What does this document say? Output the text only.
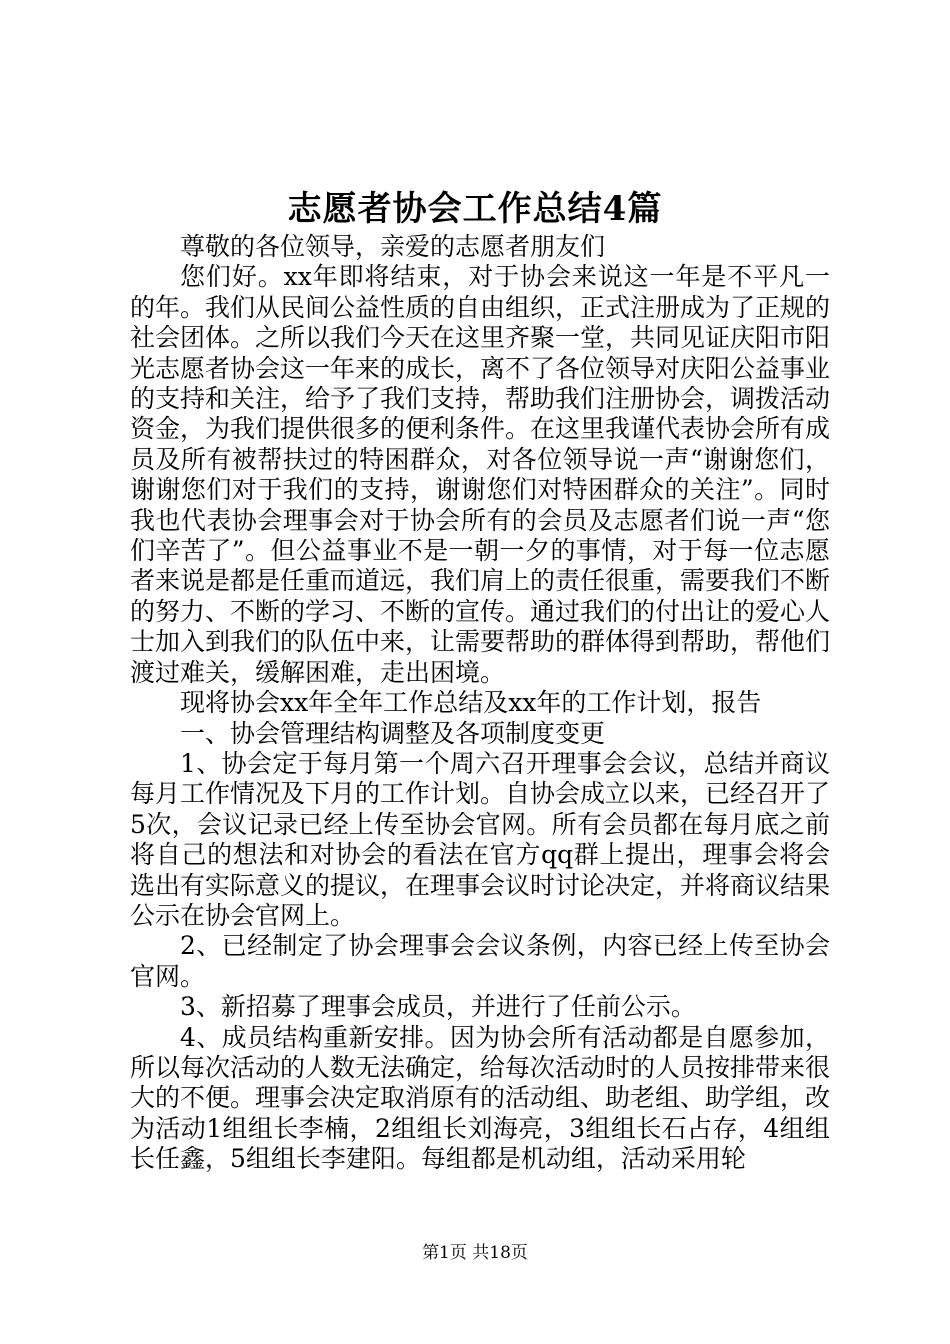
志愿者协会工作总结4篇

尊敬的各位领导，亲爱的志愿者朋友们

您们好。xx年即将结束，对于协会来说这一年是不平凡一的年。我们从民间公益性质的自由组织，正式注册成为了正规的社会团体。之所以我们今天在这里齐聚一堂，共同见证庆阳市阳光志愿者协会这一年来的成长，离不了各位领导对庆阳公益事业的支持和关注，给予了我们支持，帮助我们注册协会，调拨活动资金，为我们提供很多的便利条件。在这里我谨代表协会所有成员及所有被帮扶过的特困群众，对各位领导说一声“谢谢您们，谢谢您们对于我们的支持，谢谢您们对特困群众的关注”。同时我也代表协会理事会对于协会所有的会员及志愿者们说一声“您们辛苦了”。但公益事业不是一朝一夕的事情，对于每一位志愿者来说是都是任重而道远，我们肩上的责任很重，需要我们不断的努力、不断的学习、不断的宣传。通过我们的付出让的爱心人士加入到我们的队伍中来，让需要帮助的群体得到帮助，帮他们渡过难关，缓解困难，走出困境。

现将协会xx年全年工作总结及xx年的工作计划，报告

一、协会管理结构调整及各项制度变更

1、协会定于每月第一个周六召开理事会会议，总结并商议每月工作情况及下月的工作计划。自协会成立以来，已经召开了5次，会议记录已经上传至协会官网。所有会员都在每月底之前将自己的想法和对协会的看法在官方qq群上提出，理事会将会选出有实际意义的提议，在理事会议时讨论决定，并将商议结果公示在协会官网上。

2、已经制定了协会理事会会议条例，内容已经上传至协会官网。

3、新招募了理事会成员，并进行了任前公示。

4、成员结构重新安排。因为协会所有活动都是自愿参加，所以每次活动的人数无法确定，给每次活动时的人员按排带来很大的不便。理事会决定取消原有的活动组、助老组、助学组，改为活动1组组长李楠，2组组长刘海亮，3组组长石占存，4组组长任鑫，5组组长李建阳。每组都是机动组，活动采用轮

第1页 共18页
